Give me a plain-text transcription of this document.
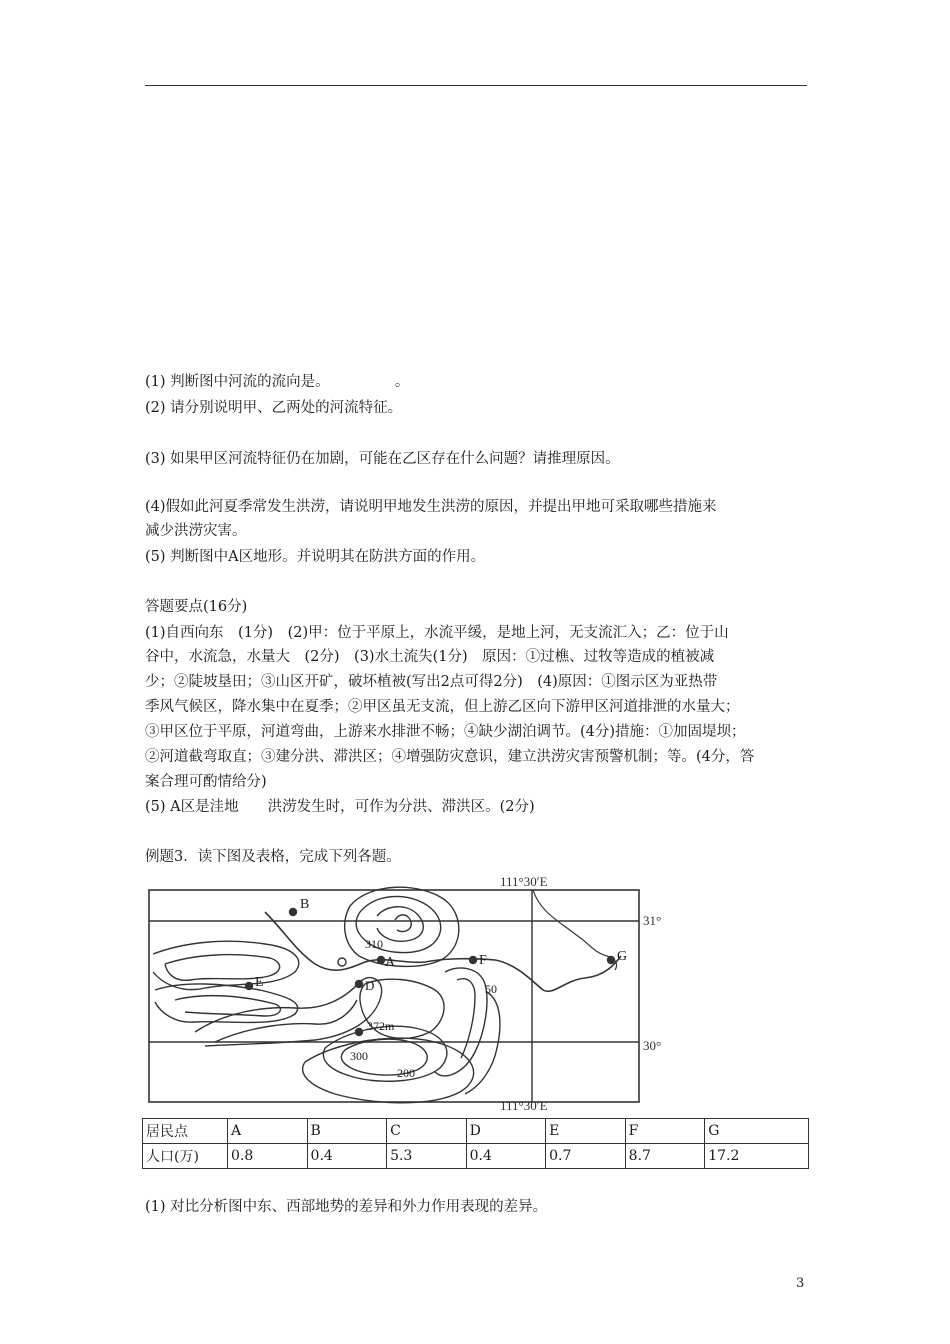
(1) 判断图中河流的流向是。　　　　　。
(2) 请分别说明甲、乙两处的河流特征。
(3) 如果甲区河流特征仍在加剧，可能在乙区存在什么问题？请推理原因。
(4)假如此河夏季常发生洪涝，请说明甲地发生洪涝的原因，并提出甲地可采取哪些措施来
减少洪涝灾害。
(5) 判断图中A区地形。并说明其在防洪方面的作用。
答题要点(16分)
(1)自西向东　(1分)　(2)甲：位于平原上，水流平缓，是地上河，无支流汇入；乙：位于山
谷中，水流急，水量大　(2分)　(3)水土流失(1分)　原因：①过樵、过牧等造成的植被减
少；②陡坡垦田；③山区开矿，破坏植被(写出2点可得2分)　(4)原因：①图示区为亚热带
季风气候区，降水集中在夏季；②甲区虽无支流，但上游乙区向下游甲区河道排泄的水量大；
③甲区位于平原，河道弯曲，上游来水排泄不畅；④缺少湖泊调节。(4分)措施：①加固堤坝；
②河道截弯取直；③建分洪、滞洪区；④增强防灾意识，建立洪涝灾害预警机制；等。(4分，答
案合理可酌情给分)
(5) A区是洼地　　洪涝发生时，可作为分洪、滞洪区。(2分)
例题3．读下图及表格，完成下列各题。
111°30′E
111°30′E
31°
30°
B
A	F	G
E	D
310
50
372m
300
200
居民点	A	B	C	D	E	F	G
人口(万)	0.8	0.4	5.3	0.4	0.7	8.7	17.2
(1) 对比分析图中东、西部地势的差异和外力作用表现的差异。
3
